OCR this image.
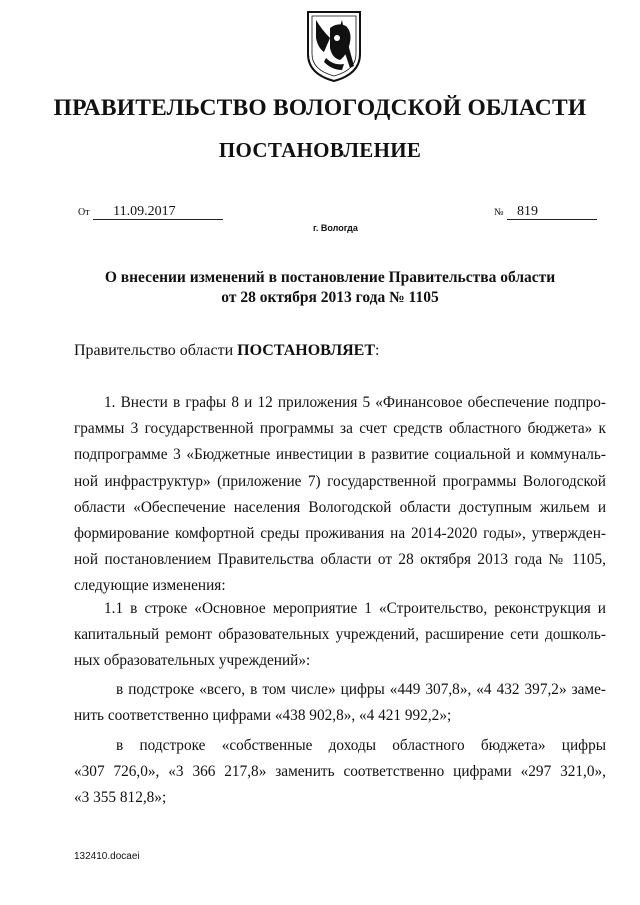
ПРАВИТЕЛЬСТВО ВОЛОГОДСКОЙ ОБЛАСТИ
ПОСТАНОВЛЕНИЕ
От 11.09.2017	№ 819
г. Вологда
О внесении изменений в постановление Правительства области
от 28 октября 2013 года № 1105
Правительство области ПОСТАНОВЛЯЕТ:
1. Внести в графы 8 и 12 приложения 5 «Финансовое обеспечение подпро-
граммы 3 государственной программы за счет средств областного бюджета» к
подпрограмме 3 «Бюджетные инвестиции в развитие социальной и коммуналь-
ной инфраструктур» (приложение 7) государственной программы Вологодской
области «Обеспечение населения Вологодской области доступным жильем и
формирование комфортной среды проживания на 2014-2020 годы», утвержден-
ной постановлением Правительства области от 28 октября 2013 года № 1105,
следующие изменения:
1.1 в строке «Основное мероприятие 1 «Строительство, реконструкция и
капитальный ремонт образовательных учреждений, расширение сети дошколь-
ных образовательных учреждений»:
в подстроке «всего, в том числе» цифры «449 307,8», «4 432 397,2» заме-
нить соответственно цифрами «438 902,8», «4 421 992,2»;
в подстроке «собственные доходы областного бюджета» цифры
«307 726,0», «3 366 217,8» заменить соответственно цифрами «297 321,0»,
«3 355 812,8»;
132410.docaei
